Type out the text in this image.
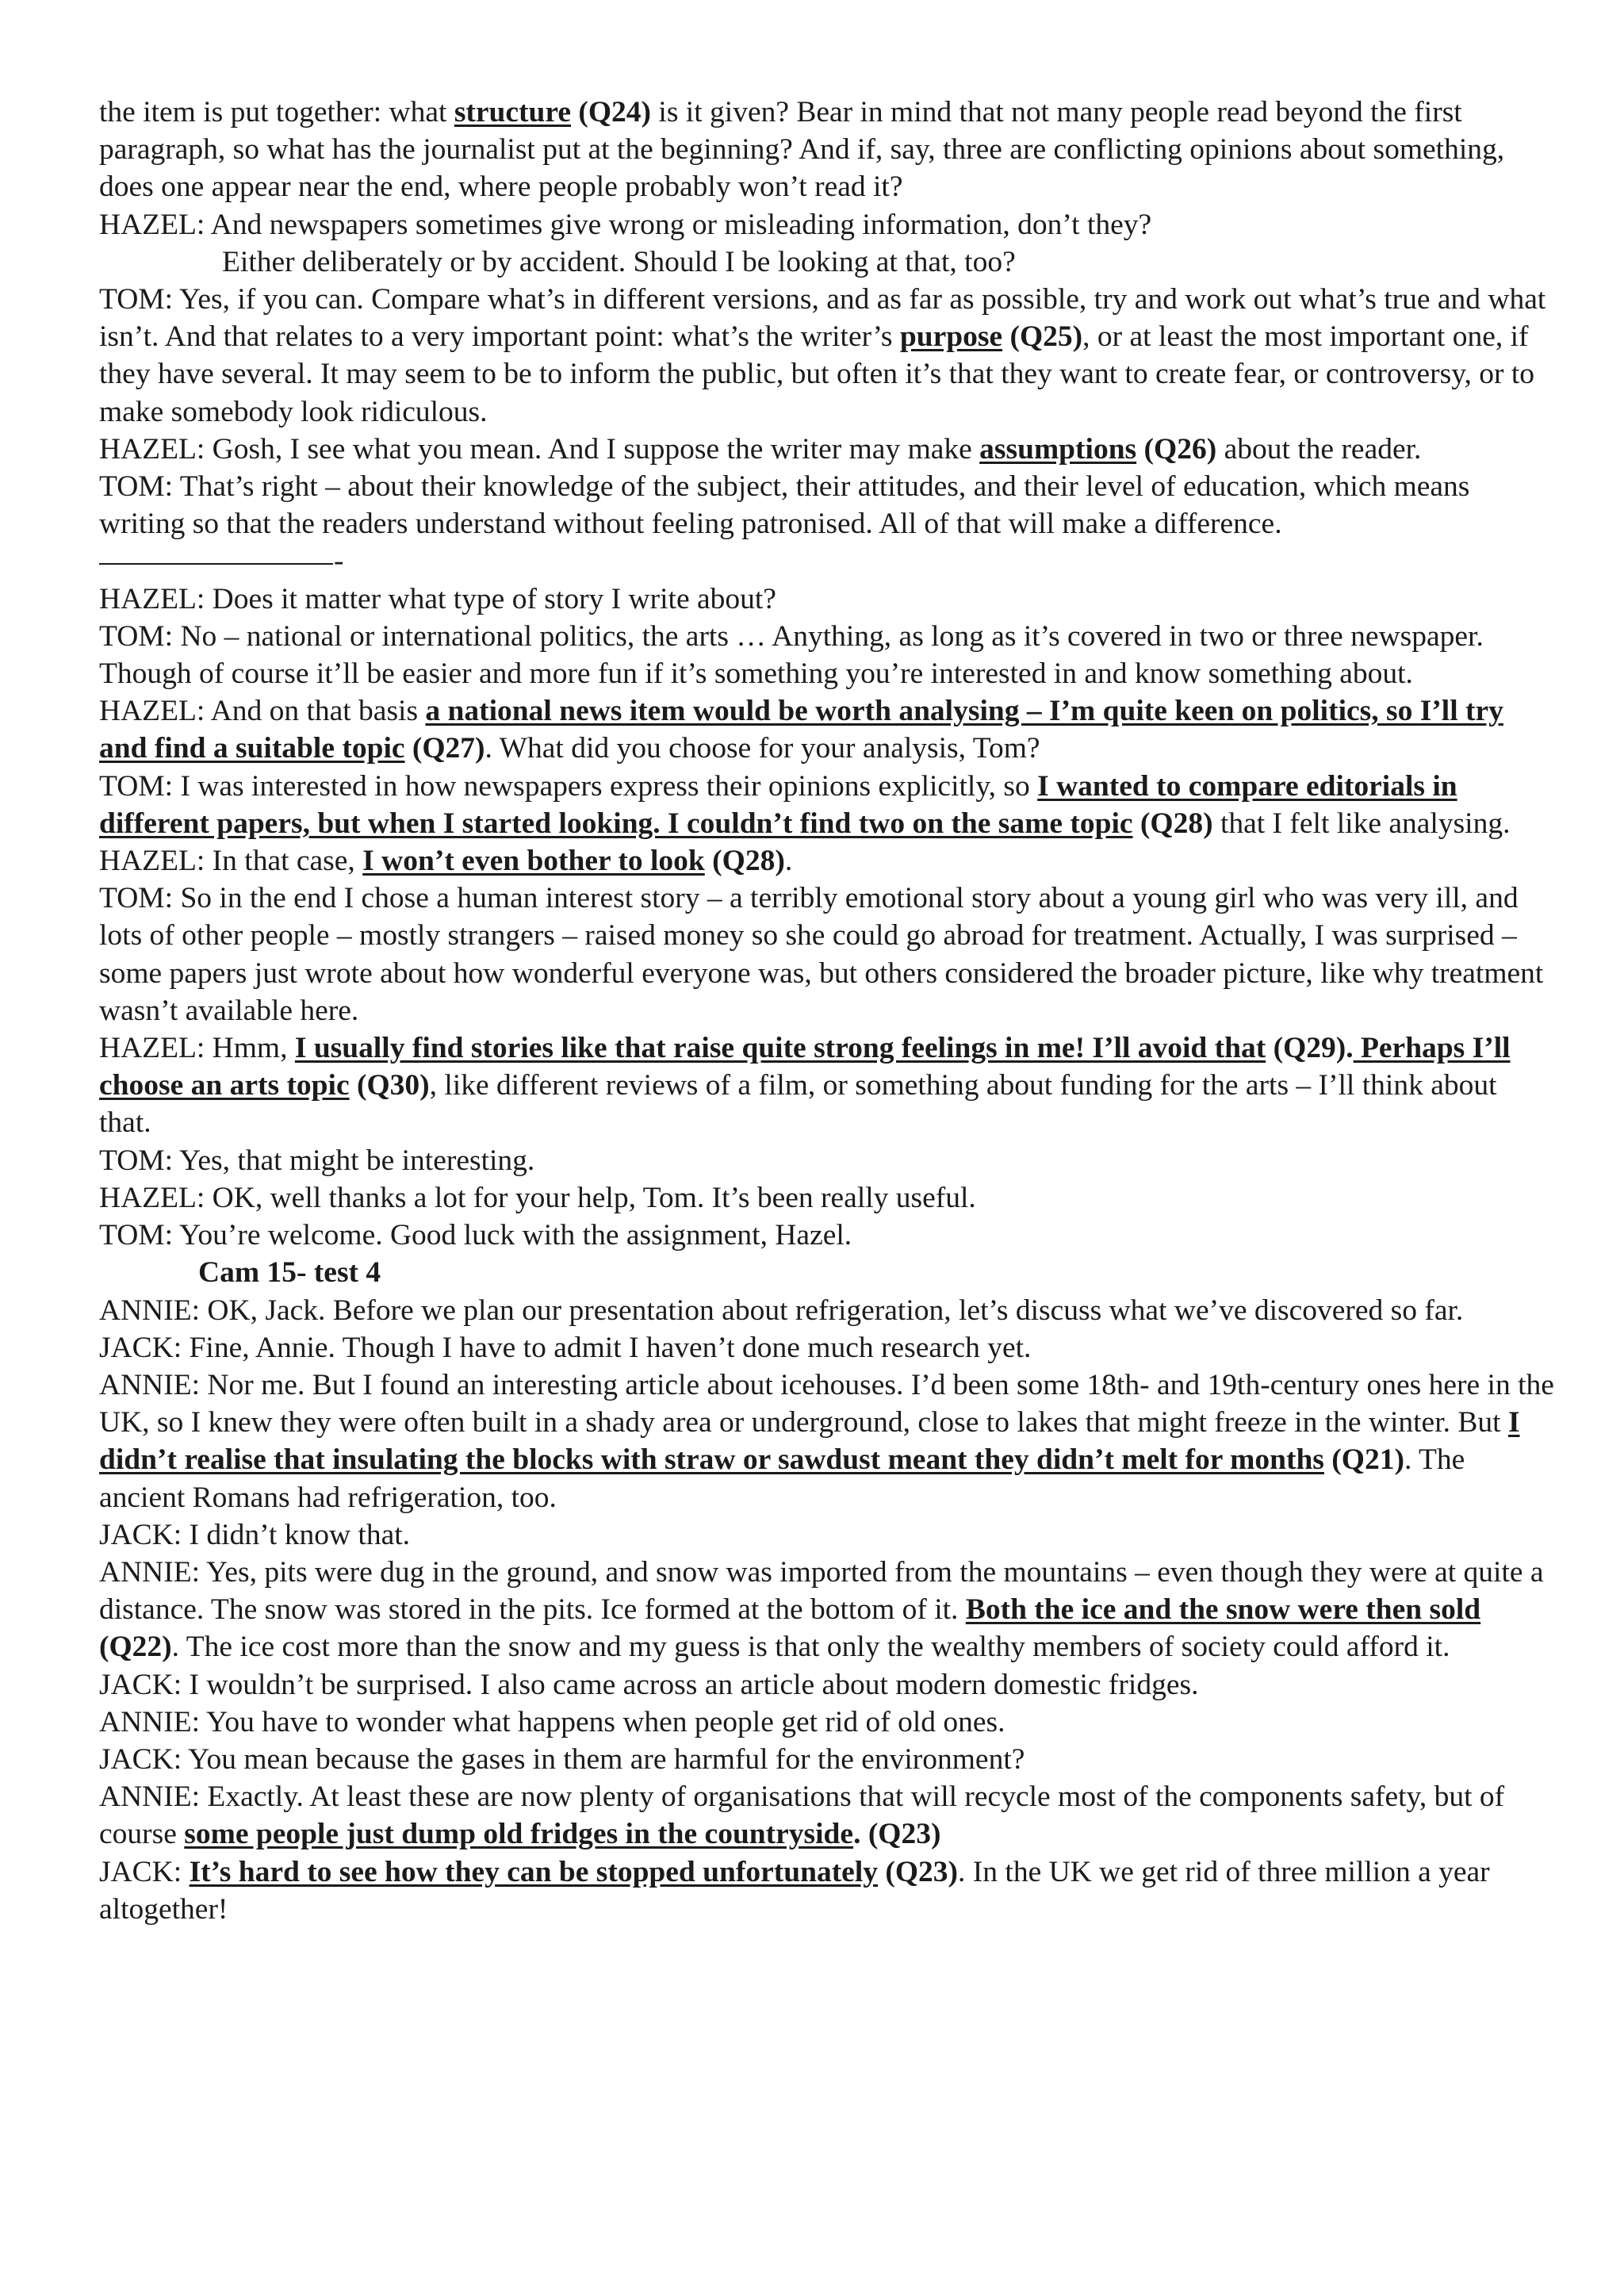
the item is put together: what structure (Q24) is it given? Bear in mind that not many people read beyond the first paragraph, so what has the journalist put at the beginning? And if, say, three are conflicting opinions about something, does one appear near the end, where people probably won’t read it?

HAZEL: And newspapers sometimes give wrong or misleading information, don’t they?

Either deliberately or by accident. Should I be looking at that, too?

TOM: Yes, if you can. Compare what’s in different versions, and as far as possible, try and work out what’s true and what isn’t. And that relates to a very important point: what’s the writer’s purpose (Q25), or at least the most important one, if they have several. It may seem to be to inform the public, but often it’s that they want to create fear, or controversy, or to make somebody look ridiculous.

HAZEL: Gosh, I see what you mean. And I suppose the writer may make assumptions (Q26) about the reader.

TOM: That’s right – about their knowledge of the subject, their attitudes, and their level of education, which means writing so that the readers understand without feeling patronised. All of that will make a difference.

-

HAZEL: Does it matter what type of story I write about?

TOM: No – national or international politics, the arts … Anything, as long as it’s covered in two or three newspaper. Though of course it’ll be easier and more fun if it’s something you’re interested in and know something about.

HAZEL: And on that basis a national news item would be worth analysing – I’m quite keen on politics, so I’ll try and find a suitable topic (Q27). What did you choose for your analysis, Tom?

TOM: I was interested in how newspapers express their opinions explicitly, so I wanted to compare editorials in different papers, but when I started looking. I couldn’t find two on the same topic (Q28) that I felt like analysing.

HAZEL: In that case, I won’t even bother to look (Q28).

TOM: So in the end I chose a human interest story – a terribly emotional story about a young girl who was very ill, and lots of other people – mostly strangers – raised money so she could go abroad for treatment. Actually, I was surprised – some papers just wrote about how wonderful everyone was, but others considered the broader picture, like why treatment wasn’t available here.

HAZEL: Hmm, I usually find stories like that raise quite strong feelings in me! I’ll avoid that (Q29). Perhaps I’ll choose an arts topic (Q30), like different reviews of a film, or something about funding for the arts – I’ll think about that.

TOM: Yes, that might be interesting.

HAZEL: OK, well thanks a lot for your help, Tom. It’s been really useful.

TOM: You’re welcome. Good luck with the assignment, Hazel.

Cam 15- test 4

ANNIE: OK, Jack. Before we plan our presentation about refrigeration, let’s discuss what we’ve discovered so far.

JACK: Fine, Annie. Though I have to admit I haven’t done much research yet.

ANNIE: Nor me. But I found an interesting article about icehouses. I’d been some 18th- and 19th-century ones here in the UK, so I knew they were often built in a shady area or underground, close to lakes that might freeze in the winter. But I didn’t realise that insulating the blocks with straw or sawdust meant they didn’t melt for months (Q21). The ancient Romans had refrigeration, too.

JACK: I didn’t know that.

ANNIE: Yes, pits were dug in the ground, and snow was imported from the mountains – even though they were at quite a distance. The snow was stored in the pits. Ice formed at the bottom of it. Both the ice and the snow were then sold (Q22). The ice cost more than the snow and my guess is that only the wealthy members of society could afford it.

JACK: I wouldn’t be surprised. I also came across an article about modern domestic fridges.

ANNIE: You have to wonder what happens when people get rid of old ones.

JACK: You mean because the gases in them are harmful for the environment?

ANNIE: Exactly. At least these are now plenty of organisations that will recycle most of the components safety, but of course some people just dump old fridges in the countryside. (Q23)

JACK: It’s hard to see how they can be stopped unfortunately (Q23). In the UK we get rid of three million a year altogether!
